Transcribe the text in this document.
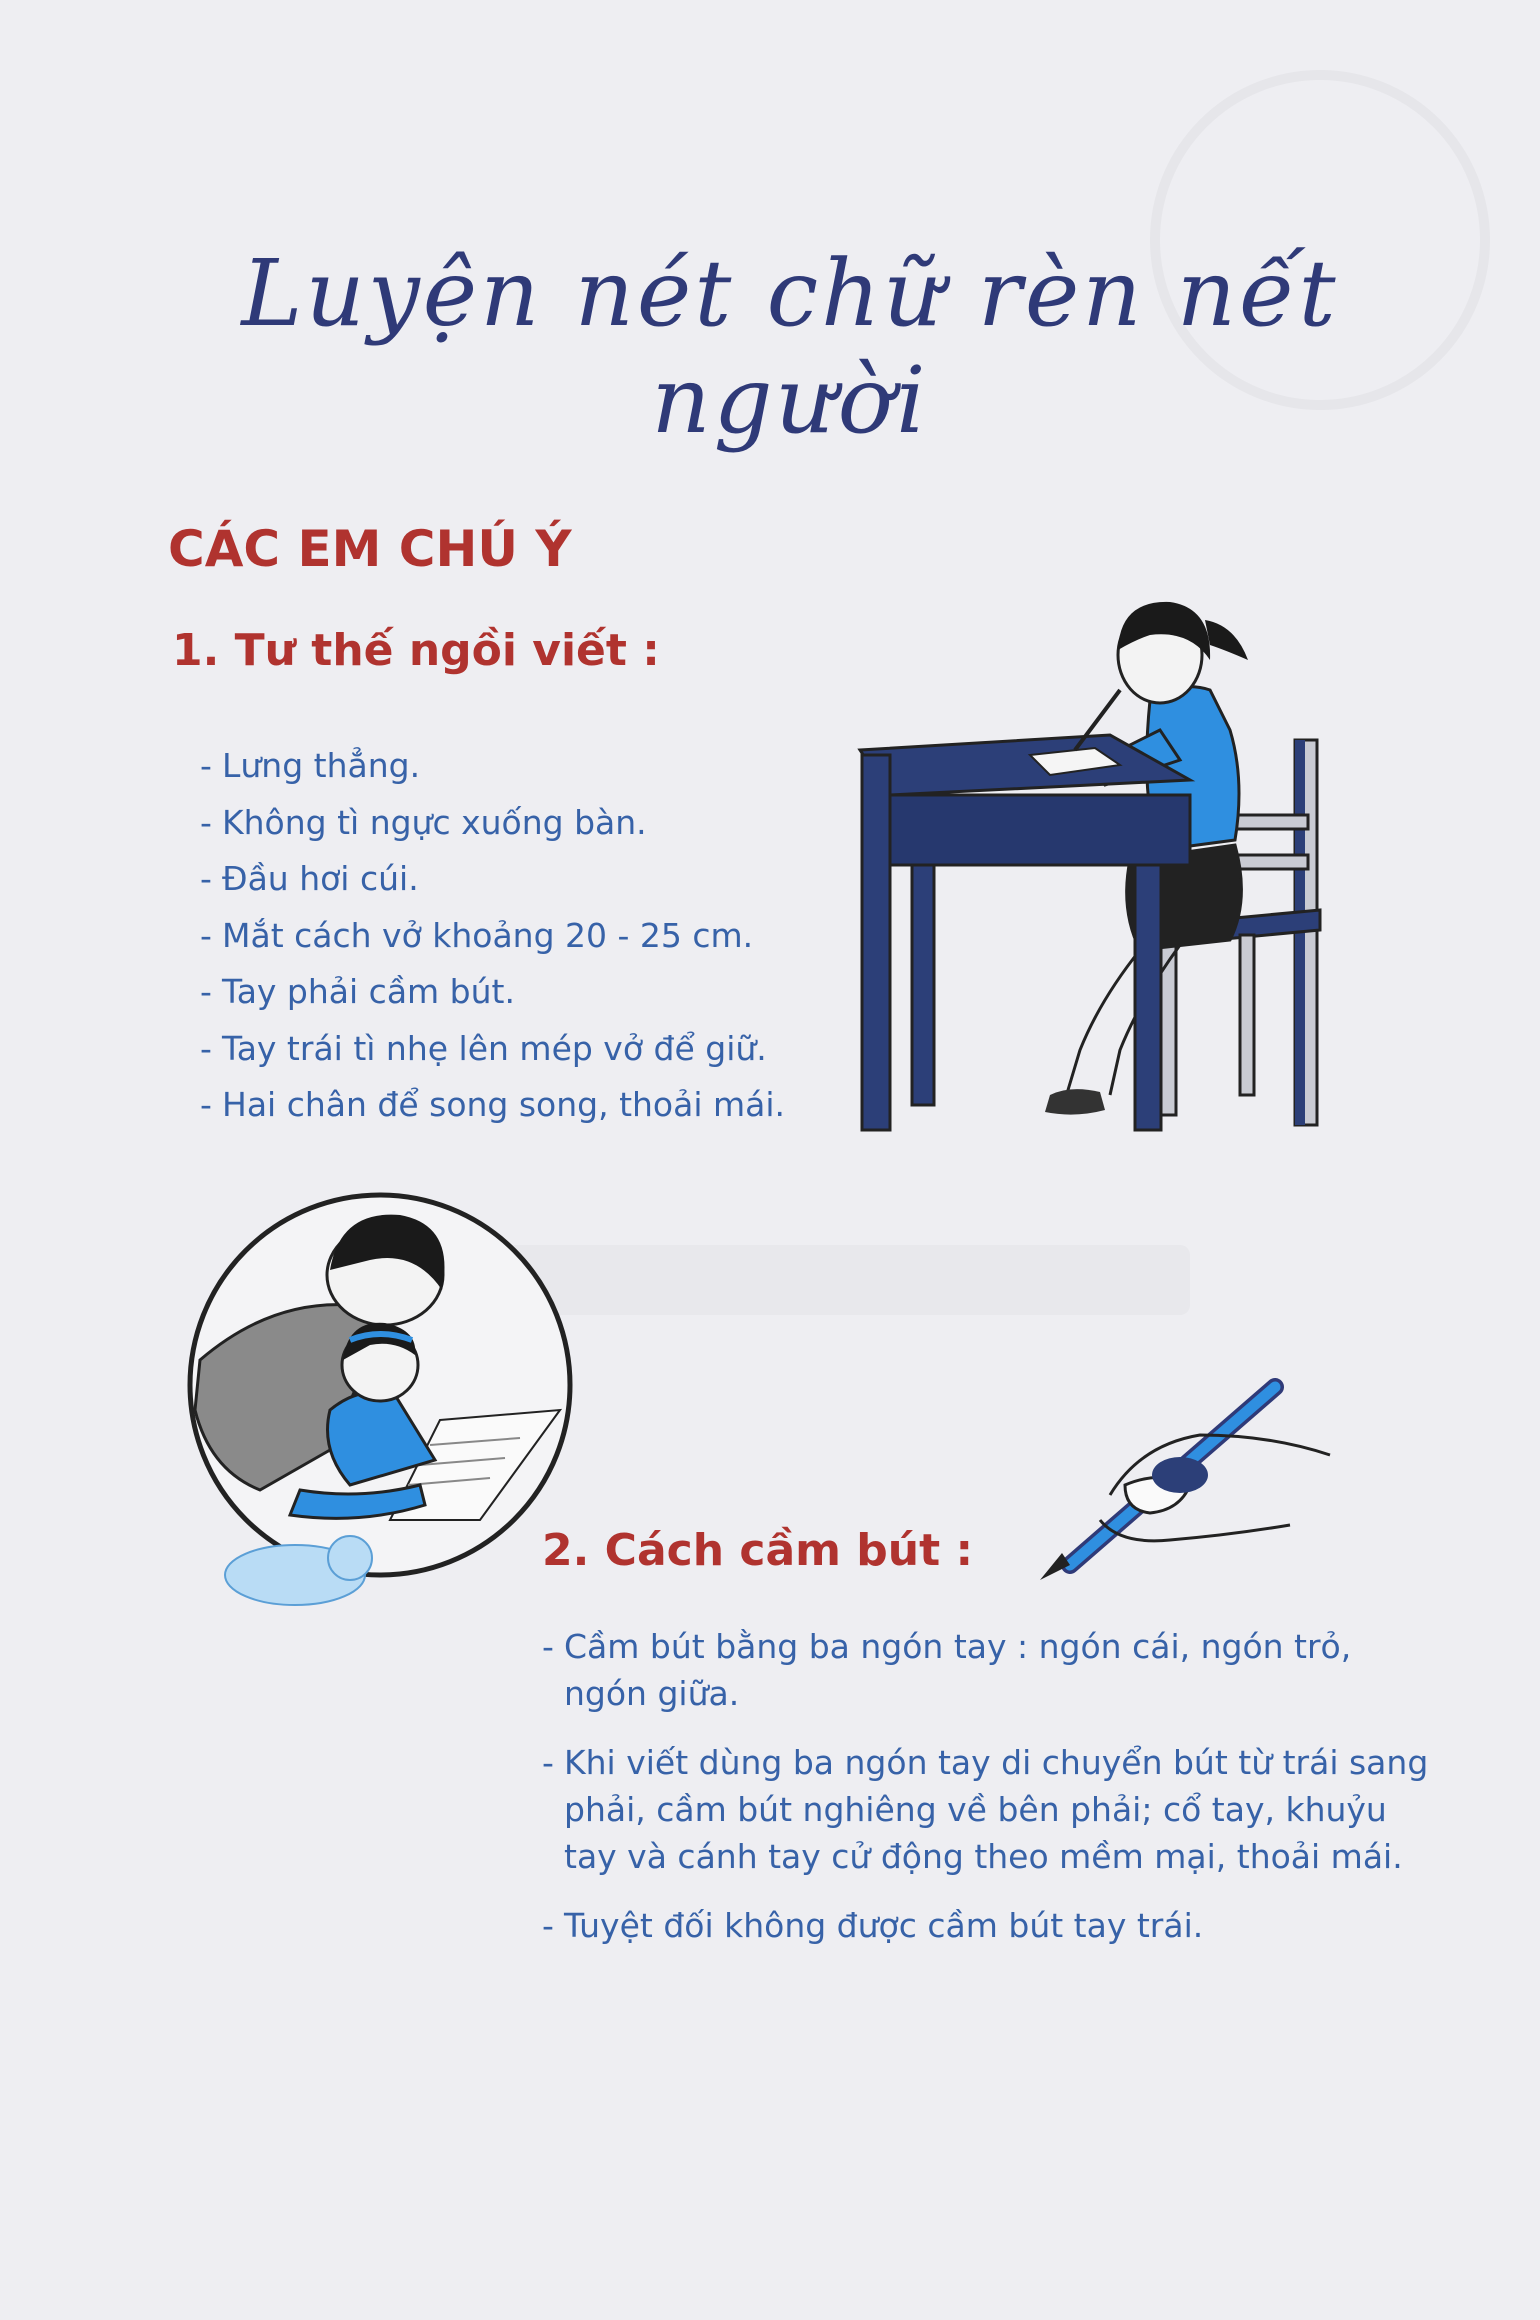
Luyện nét chữ rèn nết người
CÁC EM CHÚ Ý
1. Tư thế ngồi viết :
- Lưng thẳng.
- Không tì ngực xuống bàn.
- Đầu hơi cúi.
- Mắt cách vở khoảng 20 - 25 cm.
- Tay phải cầm bút.
- Tay trái tì nhẹ lên mép vở để giữ.
- Hai chân để song song, thoải mái.
2. Cách cầm bút :
- Cầm bút bằng ba ngón tay : ngón cái, ngón trỏ, ngón giữa.
- Khi viết dùng ba ngón tay di chuyển bút từ trái sang phải, cầm bút nghiêng về bên phải; cổ tay, khuỷu tay và cánh tay cử động theo mềm mại, thoải mái.
- Tuyệt đối không được cầm bút tay trái.
